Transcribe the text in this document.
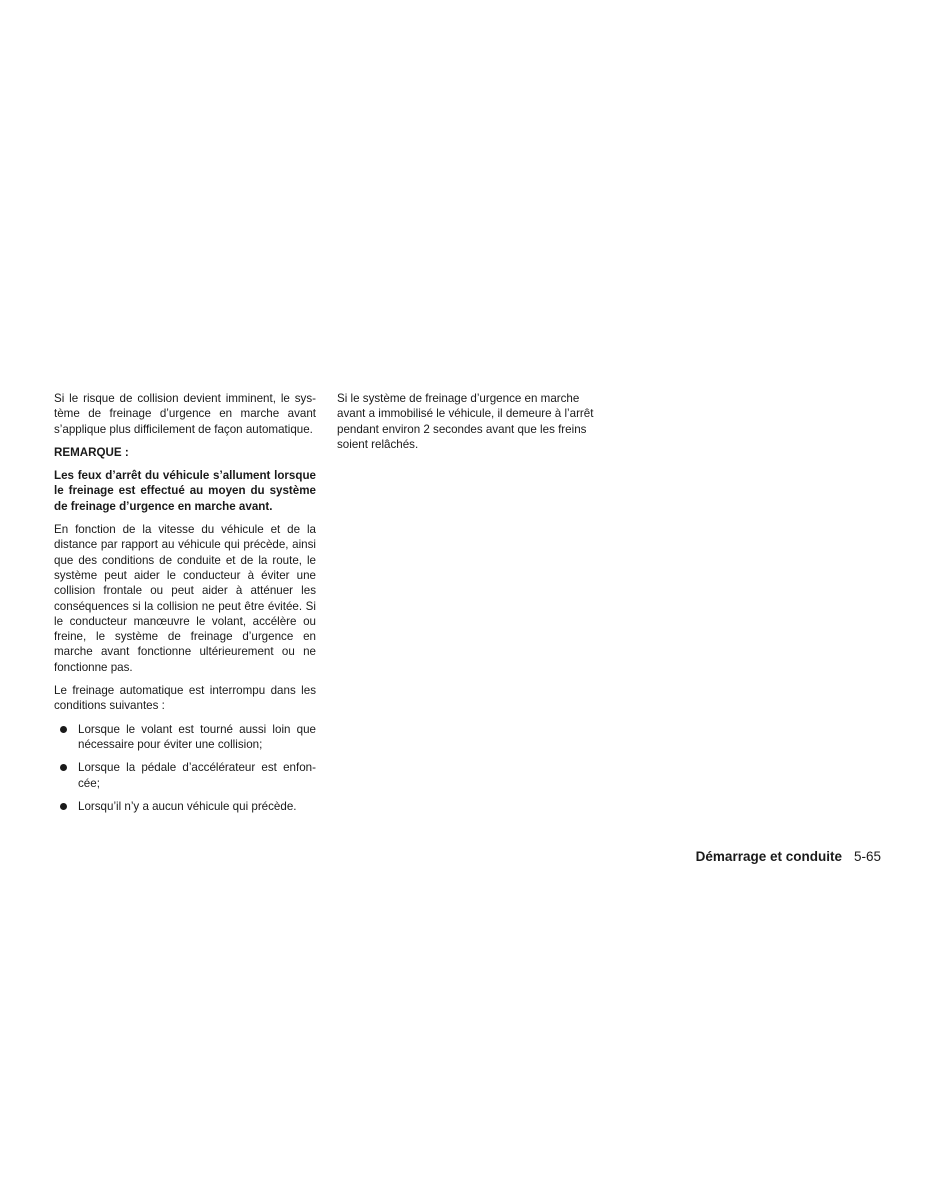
Si le risque de collision devient imminent, le système de freinage d’urgence en marche avant s’applique plus difficilement de façon automatique.

REMARQUE :

Les feux d’arrêt du véhicule s’allument lorsque le freinage est effectué au moyen du système de freinage d’urgence en marche avant.

En fonction de la vitesse du véhicule et de la distance par rapport au véhicule qui précède, ainsi que des conditions de conduite et de la route, le système peut aider le conducteur à éviter une collision frontale ou peut aider à atténuer les conséquences si la collision ne peut être évitée. Si le conducteur manœuvre le volant, accélère ou freine, le système de freinage d’urgence en marche avant fonctionne ultérieurement ou ne fonctionne pas.

Le freinage automatique est interrompu dans les conditions suivantes :

Lorsque le volant est tourné aussi loin que nécessaire pour éviter une collision;
Lorsque la pédale d’accélérateur est enfoncée;
Lorsqu’il n’y a aucun véhicule qui précède.

Si le système de freinage d’urgence en marche avant a immobilisé le véhicule, il demeure à l’arrêt pendant environ 2 secondes avant que les freins soient relâchés.

Démarrage et conduite 5-65
